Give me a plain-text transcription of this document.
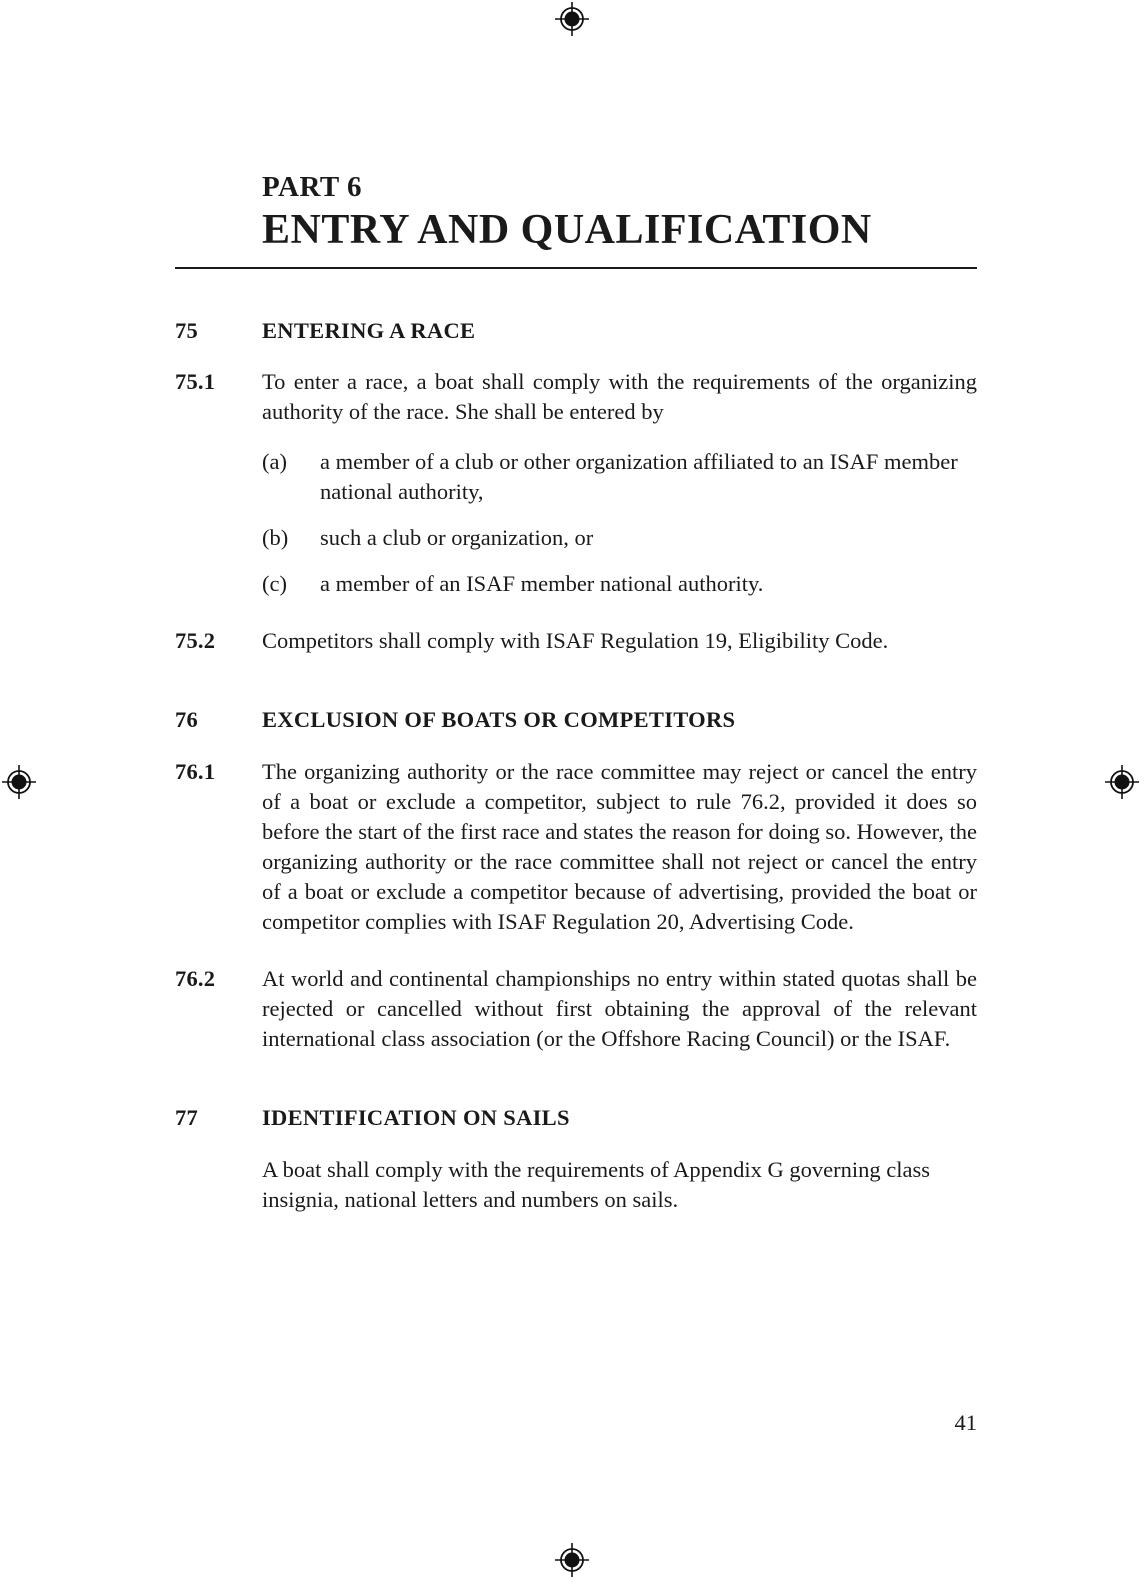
PART 6
ENTRY AND QUALIFICATION
75	ENTERING A RACE

75.1 To enter a race, a boat shall comply with the requirements of the organizing authority of the race. She shall be entered by

(a) a member of a club or other organization affiliated to an ISAF member national authority,
(b) such a club or organization, or
(c) a member of an ISAF member national authority.
75.2 Competitors shall comply with ISAF Regulation 19, Eligibility Code.

76	EXCLUSION OF BOATS OR COMPETITORS

76.1 The organizing authority or the race committee may reject or cancel the entry of a boat or exclude a competitor, subject to rule 76.2, provided it does so before the start of the first race and states the reason for doing so. However, the organizing authority or the race committee shall not reject or cancel the entry of a boat or exclude a competitor because of advertising, provided the boat or competitor complies with ISAF Regulation 20, Advertising Code.

76.2 At world and continental championships no entry within stated quotas shall be rejected or cancelled without first obtaining the approval of the relevant international class association (or the Offshore Racing Council) or the ISAF.

77	IDENTIFICATION ON SAILS

A boat shall comply with the requirements of Appendix G governing class insignia, national letters and numbers on sails.

41
